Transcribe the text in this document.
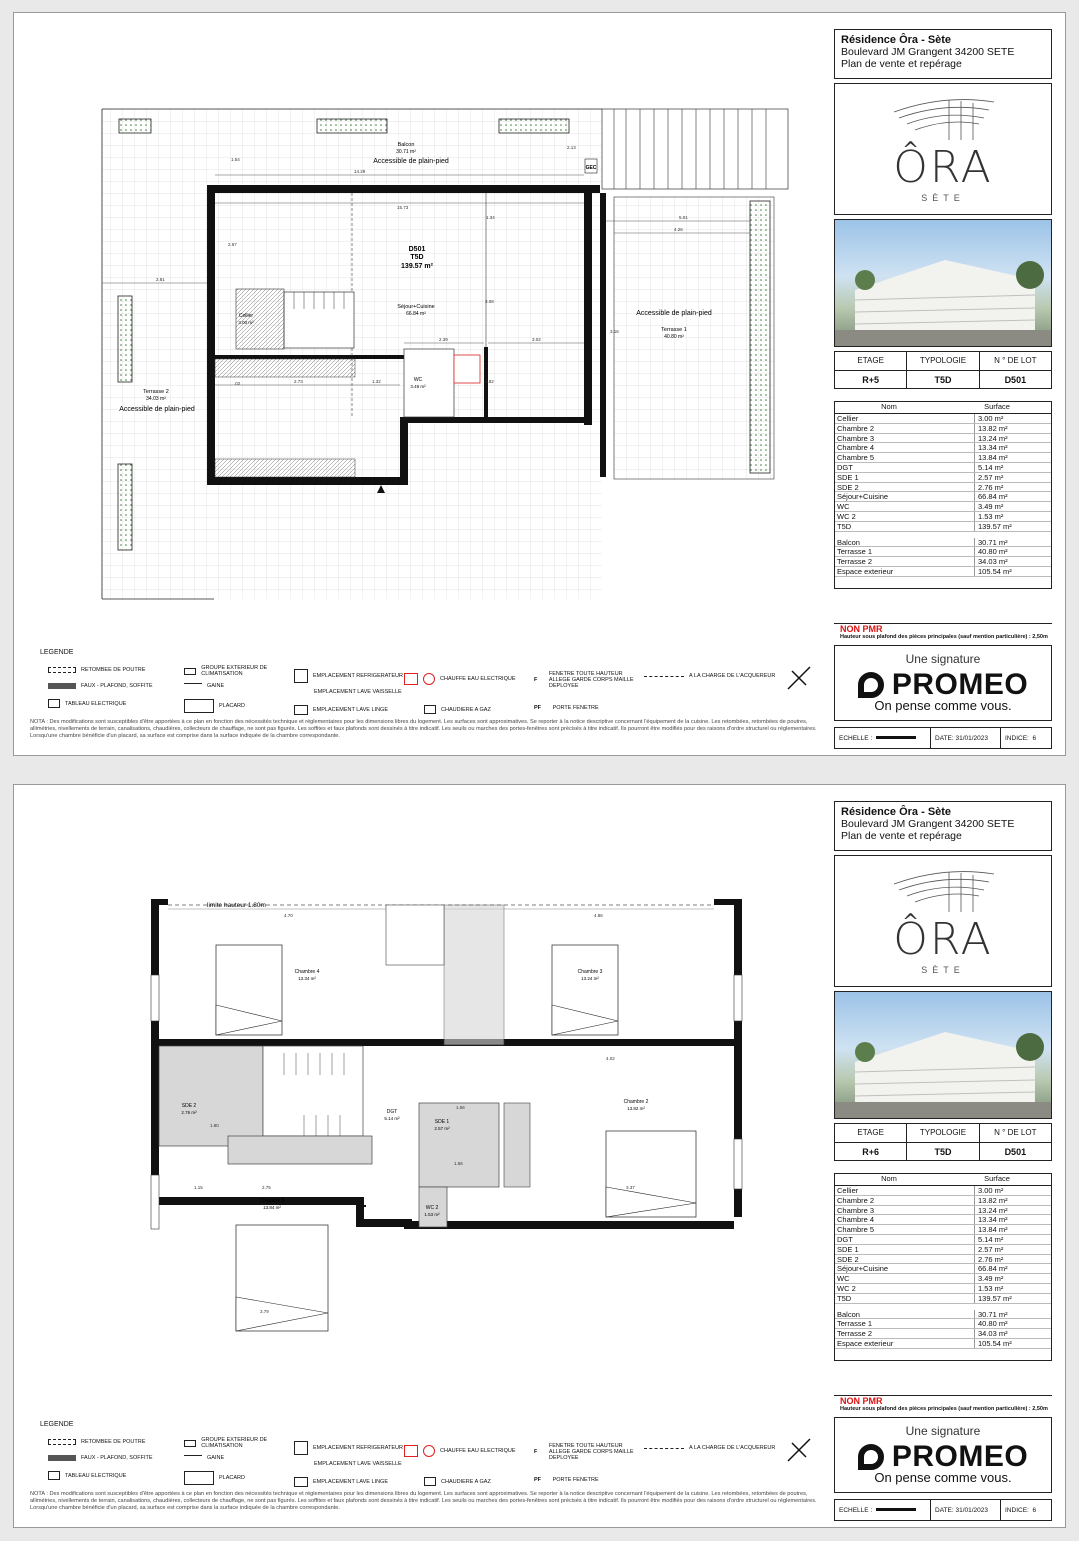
D501
T5D
139.57 m²
Balcon
30.71 m²
Accessible de plain-pied
Accessible de plain-pied
Terrasse 1
40.80 m²
Terrasse 2
34.03 m²
Accessible de plain-pied
Séjour+Cuisine
66.84 m²
Cellier
3.00 m²
WC
3.49 m²
GEC
14.29
15.73
5.01
4.26
2.81
2.39	3.02
2.73	1.32
1.54
2.13
3.08
1.82
3.16
2.67
1.34
.02
Résidence Ôra - Sète
Boulevard JM Grangent 34200 SETE
Plan de vente et repérage
ÔRA
SÈTE
ETAGE	TYPOLOGIE	N ° DE LOT
R+5	T5D	D501
Nom	Surface
Cellier	3.00 m²
Chambre 2	13.82 m²
Chambre 3	13.24 m²
Chambre 4	13.34 m²
Chambre 5	13.84 m²
DGT	5.14 m²
SDE 1	2.57 m²
SDE 2	2.76 m²
Séjour+Cuisine	66.84 m²
WC	3.49 m²
WC 2	1.53 m²
T5D	139.57 m²
Balcon	30.71 m²
Terrasse 1	40.80 m²
Terrasse 2	34.03 m²
Espace exterieur	105.54 m²
NON PMR
Hauteur sous plafond des pièces principales (sauf mention particulière) : 2,50m
Une signature
PROMEO
On pense comme vous.
ECHELLE :	DATE: 31/01/2023	INDICE:
6
LEGENDE
RETOMBEE DE POUTRE
FAUX - PLAFOND, SOFFITE
TABLEAU ELECTRIQUE
GROUPE EXTERIEUR DE CLIMATISATION
GAINE
PLACARD
EMPLACEMENT REFRIGERATEUR
EMPLACEMENT LAVE VAISSELLE
EMPLACEMENT LAVE LINGE
CHAUFFE EAU ELECTRIQUE
CHAUDIERE A GAZ
F

FENETRE TOUTE HAUTEUR ALLEGE GARDE CORPS MAILLE DEPLOYEE
PF
PORTE FENETRE
A LA CHARGE DE L'ACQUEREUR
NOTA : Des modifications sont susceptibles d'être apportées à ce plan en fonction des nécessités technique et réglementaires pour les dimensions libres du logement. Les surfaces sont approximatives. Se reporter à la notice descriptive concernant l'équipement de la cuisine. Les retombées, retombées de poutres, allimétries, nivellements de terrain, canalisations, chaudières, collecteurs de chauffage, ne sont pas figurés. Les soffites et faux plafonds sont dessinés à titre indicatif. Les seuils ou marches des portes-fenêtres sont précisés à titre indicatif. Ils pourront être modifiés pour des raisons d'ordre structurel ou réglementaires. Lorsqu'une chambre bénéficie d'un placard, sa surface est comprise dans la surface indiquée de la chambre correspondante.
limite hauteur 1.80m
Chambre 4
13.34 m²
Chambre 3
13.24 m²
Chambre 2
13.82 m²
Chambre 5
13.84 m²
SDE 2
2.76 m²
SDE 1
2.57 m²
DGT
5.14 m²
WC 2
1.53 m²
4.70	4.86
4.02
2.75	3.37
3.79
1.80
1.15
1.66
1.56
Résidence Ôra - Sète
Boulevard JM Grangent 34200 SETE
Plan de vente et repérage
ÔRA
SÈTE
ETAGE	TYPOLOGIE	N ° DE LOT
R+6	T5D	D501
Nom	Surface
Cellier	3.00 m²
Chambre 2	13.82 m²
Chambre 3	13.24 m²
Chambre 4	13.34 m²
Chambre 5	13.84 m²
DGT	5.14 m²
SDE 1	2.57 m²
SDE 2	2.76 m²
Séjour+Cuisine	66.84 m²
WC	3.49 m²
WC 2	1.53 m²
T5D	139.57 m²
Balcon	30.71 m²
Terrasse 1	40.80 m²
Terrasse 2	34.03 m²
Espace exterieur	105.54 m²
NON PMR
Hauteur sous plafond des pièces principales (sauf mention particulière) : 2,50m
Une signature
PROMEO
On pense comme vous.
ECHELLE :	DATE: 31/01/2023	INDICE:
6
LEGENDE
RETOMBEE DE POUTRE
FAUX - PLAFOND, SOFFITE
TABLEAU ELECTRIQUE
GROUPE EXTERIEUR DE CLIMATISATION
GAINE
PLACARD
EMPLACEMENT REFRIGERATEUR
EMPLACEMENT LAVE VAISSELLE
EMPLACEMENT LAVE LINGE
CHAUFFE EAU ELECTRIQUE
CHAUDIERE A GAZ
F

FENETRE TOUTE HAUTEUR ALLEGE GARDE CORPS MAILLE DEPLOYEE
PF
PORTE FENETRE
A LA CHARGE DE L'ACQUEREUR
NOTA : Des modifications sont susceptibles d'être apportées à ce plan en fonction des nécessités technique et réglementaires pour les dimensions libres du logement. Les surfaces sont approximatives. Se reporter à la notice descriptive concernant l'équipement de la cuisine. Les retombées, retombées de poutres, allimétries, nivellements de terrain, canalisations, chaudières, collecteurs de chauffage, ne sont pas figurés. Les soffites et faux plafonds sont dessinés à titre indicatif. Les seuils ou marches des portes-fenêtres sont précisés à titre indicatif. Ils pourront être modifiés pour des raisons d'ordre structurel ou réglementaires. Lorsqu'une chambre bénéficie d'un placard, sa surface est comprise dans la surface indiquée de la chambre correspondante.
